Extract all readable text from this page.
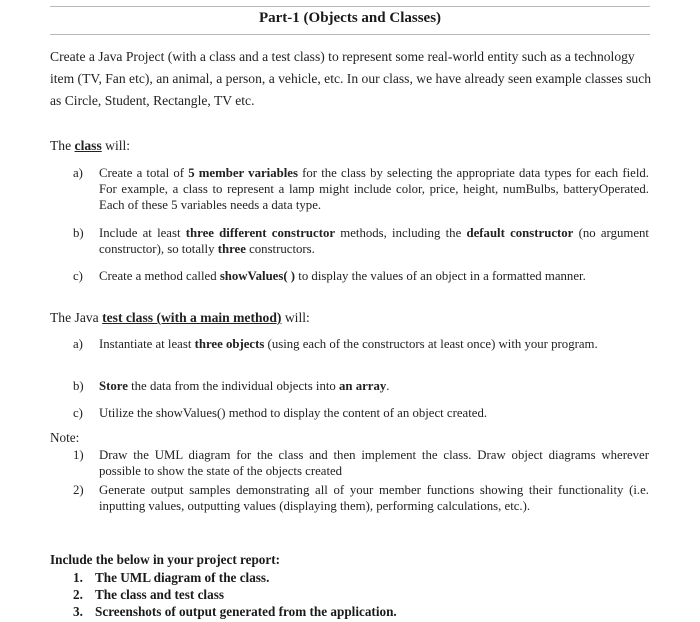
Part-1 (Objects and Classes)
Create a Java Project (with a class and a test class) to represent some real-world entity such as a technology item (TV, Fan etc), an animal, a person, a vehicle, etc. In our class, we have already seen example classes such as Circle, Student, Rectangle, TV etc.
The class will:
a) Create a total of 5 member variables for the class by selecting the appropriate data types for each field. For example, a class to represent a lamp might include color, price, height, numBulbs, batteryOperated. Each of these 5 variables needs a data type.
b) Include at least three different constructor methods, including the default constructor (no argument constructor), so totally three constructors.
c) Create a method called showValues( ) to display the values of an object in a formatted manner.
The Java test class (with a main method) will:
a) Instantiate at least three objects (using each of the constructors at least once) with your program.
b) Store the data from the individual objects into an array.
c) Utilize the showValues() method to display the content of an object created.
Note:
1) Draw the UML diagram for the class and then implement the class. Draw object diagrams wherever possible to show the state of the objects created
2) Generate output samples demonstrating all of your member functions showing their functionality (i.e. inputting values, outputting values (displaying them), performing calculations, etc.).
Include the below in your project report:
1. The UML diagram of the class.
2. The class and test class
3. Screenshots of output generated from the application.
